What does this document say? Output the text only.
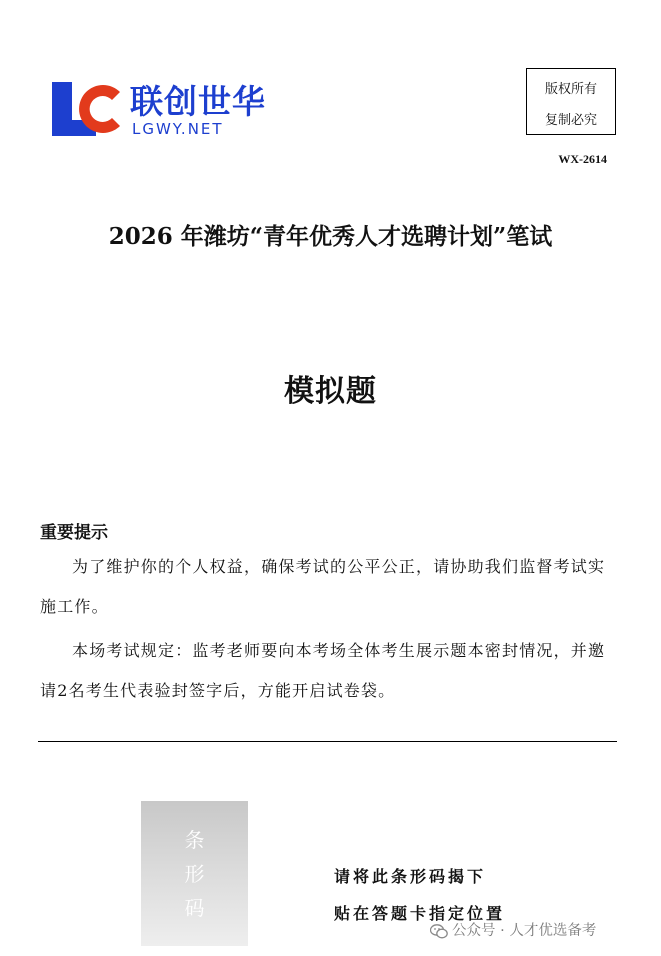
联创世华
LGWY.NET
版权所有
复制必究
WX-2614
2026 年潍坊“青年优秀人才选聘计划”笔试
模拟题
重要提示
为了维护你的个人权益，确保考试的公平公正，请协助我们监督考试实施工作。
本场考试规定：监考老师要向本考场全体考生展示题本密封情况，并邀请2名考生代表验封签字后，方能开启试卷袋。
条
形
码
请将此条形码揭下
贴在答题卡指定位置
公众号 · 人才优选备考
